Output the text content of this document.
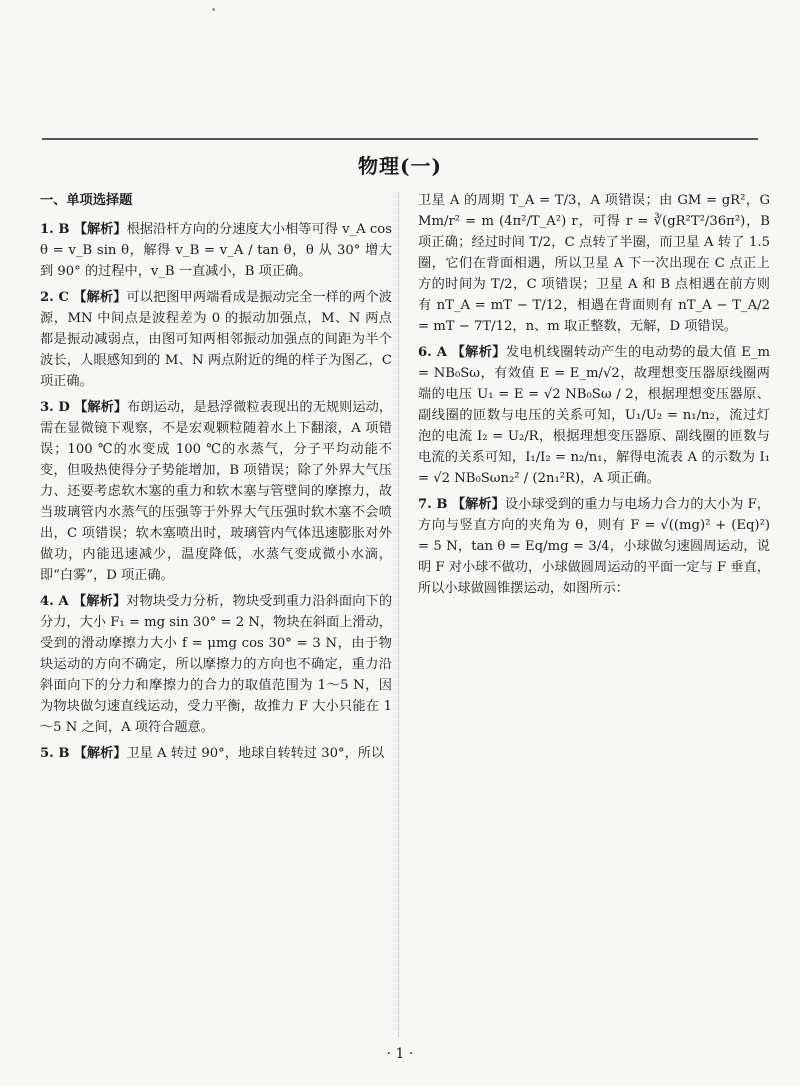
物理(一)
一、单项选择题
1. B 【解析】根据沿杆方向的分速度大小相等可得 v_A cos θ = v_B sin θ，解得 v_B = v_A / tan θ，θ 从 30° 增大到 90° 的过程中，v_B 一直减小，B 项正确。
2. C 【解析】可以把图甲两端看成是振动完全一样的两个波源，MN 中间点是波程差为 0 的振动加强点，M、N 两点都是振动减弱点，由图可知两相邻振动加强点的间距为半个波长，人眼感知到的 M、N 两点附近的绳的样子为图乙，C 项正确。
3. D 【解析】布朗运动，是悬浮微粒表现出的无规则运动，需在显微镜下观察，不是宏观颗粒随着水上下翻滚，A 项错误；100 ℃的水变成 100 ℃的水蒸气，分子平均动能不变，但吸热使得分子势能增加，B 项错误；除了外界大气压力、还要考虑软木塞的重力和软木塞与管壁间的摩擦力，故当玻璃管内水蒸气的压强等于外界大气压强时软木塞不会喷出，C 项错误；软木塞喷出时，玻璃管内气体迅速膨胀对外做功，内能迅速减少，温度降低，水蒸气变成微小水滴，即“白雾”，D 项正确。
4. A 【解析】对物块受力分析，物块受到重力沿斜面向下的分力，大小 F₁ = mg sin 30° = 2 N，物块在斜面上滑动，受到的滑动摩擦力大小 f = μmg cos 30° = 3 N，由于物块运动的方向不确定，所以摩擦力的方向也不确定，重力沿斜面向下的分力和摩擦力的合力的取值范围为 1～5 N，因为物块做匀速直线运动，受力平衡，故推力 F 大小只能在 1～5 N 之间，A 项符合题意。
5. B 【解析】卫星 A 转过 90°，地球自转转过 30°，所以
卫星 A 的周期 T_A = T/3，A 项错误；由 GM = gR²，G Mm/r² = m (4π²/T_A²) r，可得 r = ∛(gR²T²/36π²)，B 项正确；经过时间 T/2，C 点转了半圈，而卫星 A 转了 1.5 圈，它们在背面相遇，所以卫星 A 下一次出现在 C 点正上方的时间为 T/2，C 项错误；卫星 A 和 B 点相遇在前方则有 nT_A = mT − T/12，相遇在背面则有 nT_A − T_A/2 = mT − 7T/12，n、m 取正整数，无解，D 项错误。
6. A 【解析】发电机线圈转动产生的电动势的最大值 E_m = NB₀Sω，有效值 E = E_m/√2，故理想变压器原线圈两端的电压 U₁ = E = √2 NB₀Sω / 2，根据理想变压器原、副线圈的匝数与电压的关系可知，U₁/U₂ = n₁/n₂，流过灯泡的电流 I₂ = U₂/R，根据理想变压器原、副线圈的匝数与电流的关系可知，I₁/I₂ = n₂/n₁，解得电流表 A 的示数为 I₁ = √2 NB₀Sωn₂² / (2n₁²R)，A 项正确。
7. B 【解析】设小球受到的重力与电场力合力的大小为 F，方向与竖直方向的夹角为 θ，则有 F = √((mg)² + (Eq)²) = 5 N，tan θ = Eq/mg = 3/4，小球做匀速圆周运动，说明 F 对小球不做功，小球做圆周运动的平面一定与 F 垂直，所以小球做圆锥摆运动，如图所示：
· 1 ·
